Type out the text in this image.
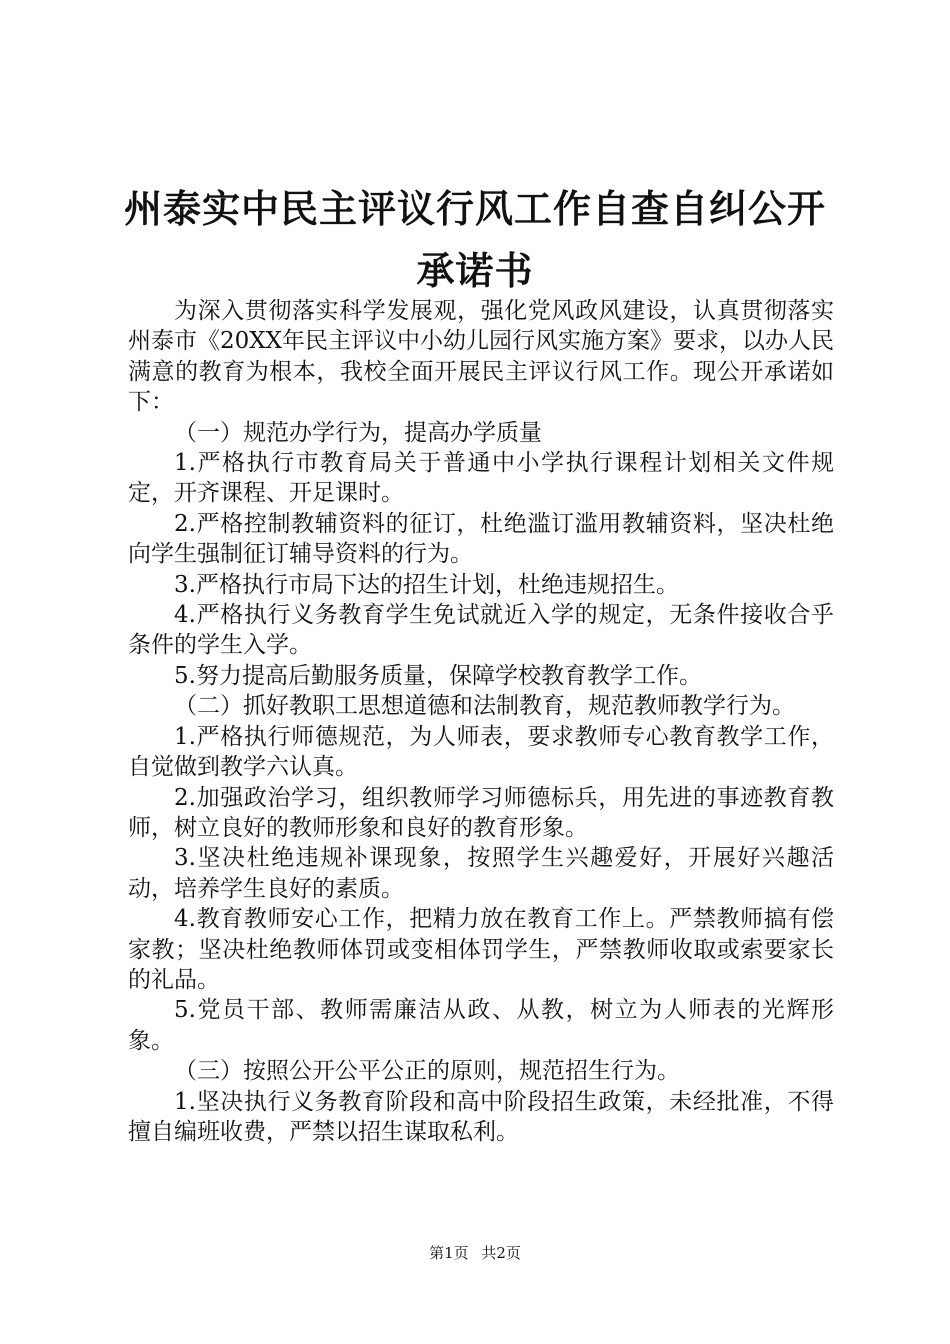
州泰实中民主评议行风工作自查自纠公开承诺书

为深入贯彻落实科学发展观，强化党风政风建设，认真贯彻落实州泰市《20XX年民主评议中小幼儿园行风实施方案》要求，以办人民满意的教育为根本，我校全面开展民主评议行风工作。现公开承诺如下：

（一）规范办学行为，提高办学质量

1.严格执行市教育局关于普通中小学执行课程计划相关文件规定，开齐课程、开足课时。

2.严格控制教辅资料的征订，杜绝滥订滥用教辅资料，坚决杜绝向学生强制征订辅导资料的行为。

3.严格执行市局下达的招生计划，杜绝违规招生。

4.严格执行义务教育学生免试就近入学的规定，无条件接收合乎条件的学生入学。

5.努力提高后勤服务质量，保障学校教育教学工作。

（二）抓好教职工思想道德和法制教育，规范教师教学行为。

1.严格执行师德规范，为人师表，要求教师专心教育教学工作，自觉做到教学六认真。

2.加强政治学习，组织教师学习师德标兵，用先进的事迹教育教师，树立良好的教师形象和良好的教育形象。

3.坚决杜绝违规补课现象，按照学生兴趣爱好，开展好兴趣活动，培养学生良好的素质。

4.教育教师安心工作，把精力放在教育工作上。严禁教师搞有偿家教；坚决杜绝教师体罚或变相体罚学生，严禁教师收取或索要家长的礼品。

5.党员干部、教师需廉洁从政、从教，树立为人师表的光辉形象。

（三）按照公开公平公正的原则，规范招生行为。

1.坚决执行义务教育阶段和高中阶段招生政策，未经批准，不得擅自编班收费，严禁以招生谋取私利。

第1页 共2页
